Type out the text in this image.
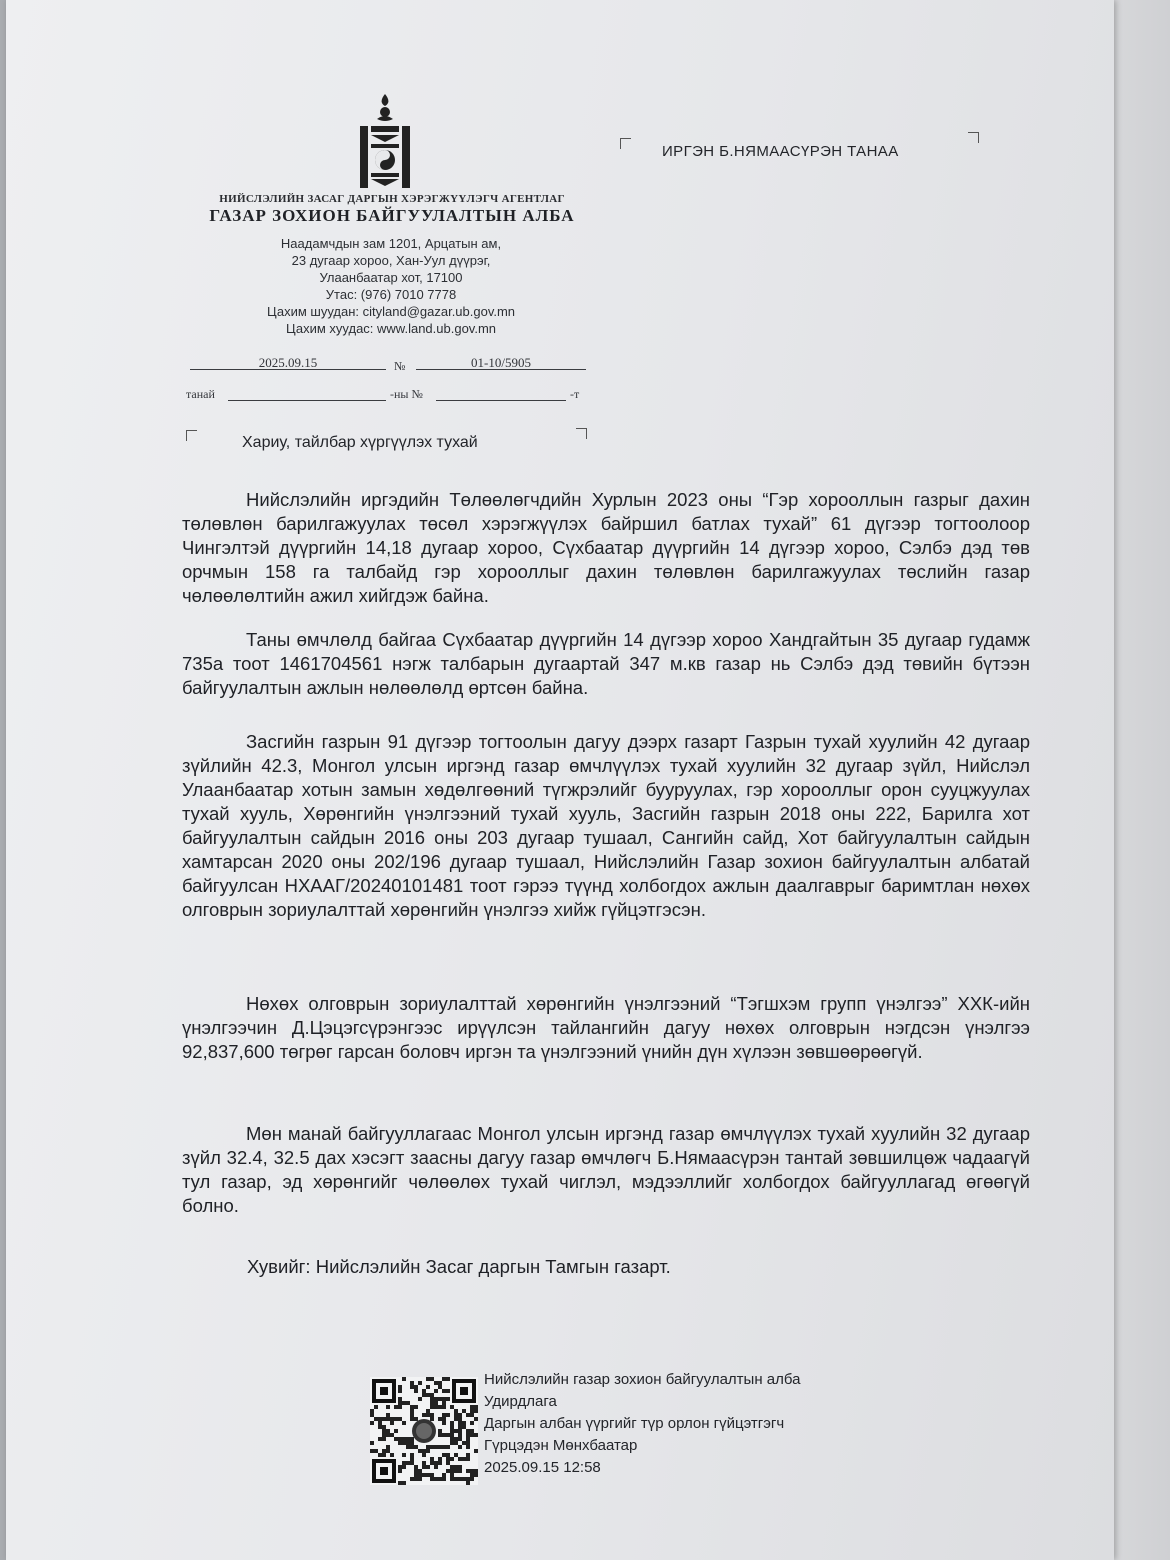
НИЙСЛЭЛИЙН ЗАСАГ ДАРГЫН ХЭРЭГЖҮҮЛЭГЧ АГЕНТЛАГ
ГАЗАР ЗОХИОН БАЙГУУЛАЛТЫН АЛБА
Наадамчдын зам 1201, Арцатын ам,
23 дугаар хороо, Хан-Уул дүүрэг,
Улаанбаатар хот, 17100
Утас: (976) 7010 7778
Цахим шуудан: cityland@gazar.ub.gov.mn
Цахим хуудас: www.land.ub.gov.mn
2025.09.15	№	01-10/5905
танай	-ны №	-т
ИРГЭН Б.НЯМААСҮРЭН ТАНАА
Хариу, тайлбар хүргүүлэх тухай

Нийслэлийн иргэдийн Төлөөлөгчдийн Хурлын 2023 оны “Гэр хорооллын газрыг дахин төлөвлөн барилгажуулах төсөл хэрэгжүүлэх байршил батлах тухай” 61 дүгээр тогтоолоор Чингэлтэй дүүргийн 14,18 дугаар хороо, Сүхбаатар дүүргийн 14 дүгээр хороо, Сэлбэ дэд төв орчмын 158 га талбайд гэр хорооллыг дахин төлөвлөн барилгажуулах төслийн газар чөлөөлөлтийн ажил хийгдэж байна.

Таны өмчлөлд байгаа Сүхбаатар дүүргийн 14 дүгээр хороо Хандгайтын 35 дугаар гудамж 735а тоот 1461704561 нэгж талбарын дугаартай 347 м.кв газар нь Сэлбэ дэд төвийн бүтээн байгуулалтын ажлын нөлөөлөлд өртсөн байна.

Засгийн газрын 91 дүгээр тогтоолын дагуу дээрх газарт Газрын тухай хуулийн 42 дугаар зүйлийн 42.3, Монгол улсын иргэнд газар өмчлүүлэх тухай хуулийн 32 дугаар зүйл, Нийслэл Улаанбаатар хотын замын хөдөлгөөний түгжрэлийг бууруулах, гэр хорооллыг орон сууцжуулах тухай хууль, Хөрөнгийн үнэлгээний тухай хууль, Засгийн газрын 2018 оны 222, Барилга хот байгуулалтын сайдын 2016 оны 203 дугаар тушаал, Сангийн сайд, Хот байгуулалтын сайдын хамтарсан 2020 оны 202/196 дугаар тушаал, Нийслэлийн Газар зохион байгуулалтын албатай байгуулсан НХААГ/20240101481 тоот гэрээ түүнд холбогдох ажлын даалгаврыг баримтлан нөхөх олговрын зориулалттай хөрөнгийн үнэлгээ хийж гүйцэтгэсэн.

Нөхөх олговрын зориулалттай хөрөнгийн үнэлгээний “Тэгшхэм групп үнэлгээ” ХХК-ийн үнэлгээчин Д.Цэцэгсүрэнгээс ирүүлсэн тайлангийн дагуу нөхөх олговрын нэгдсэн үнэлгээ 92,837,600 төгрөг гарсан боловч иргэн та үнэлгээний үнийн дүн хүлээн зөвшөөрөөгүй.

Мөн манай байгууллагаас Монгол улсын иргэнд газар өмчлүүлэх тухай хуулийн 32 дугаар зүйл 32.4, 32.5 дах хэсэгт заасны дагуу газар өмчлөгч Б.Нямаасүрэн тантай зөвшилцөж чадаагүй тул газар, эд хөрөнгийг чөлөөлөх тухай чиглэл, мэдээллийг холбогдох байгууллагад өгөөгүй болно.

Хувийг: Нийслэлийн Засаг даргын Тамгын газарт.
Нийслэлийн газар зохион байгуулалтын алба
Удирдлага
Даргын албан үүргийг түр орлон гүйцэтгэгч
Гүрцэдэн Мөнхбаатар
2025.09.15 12:58
